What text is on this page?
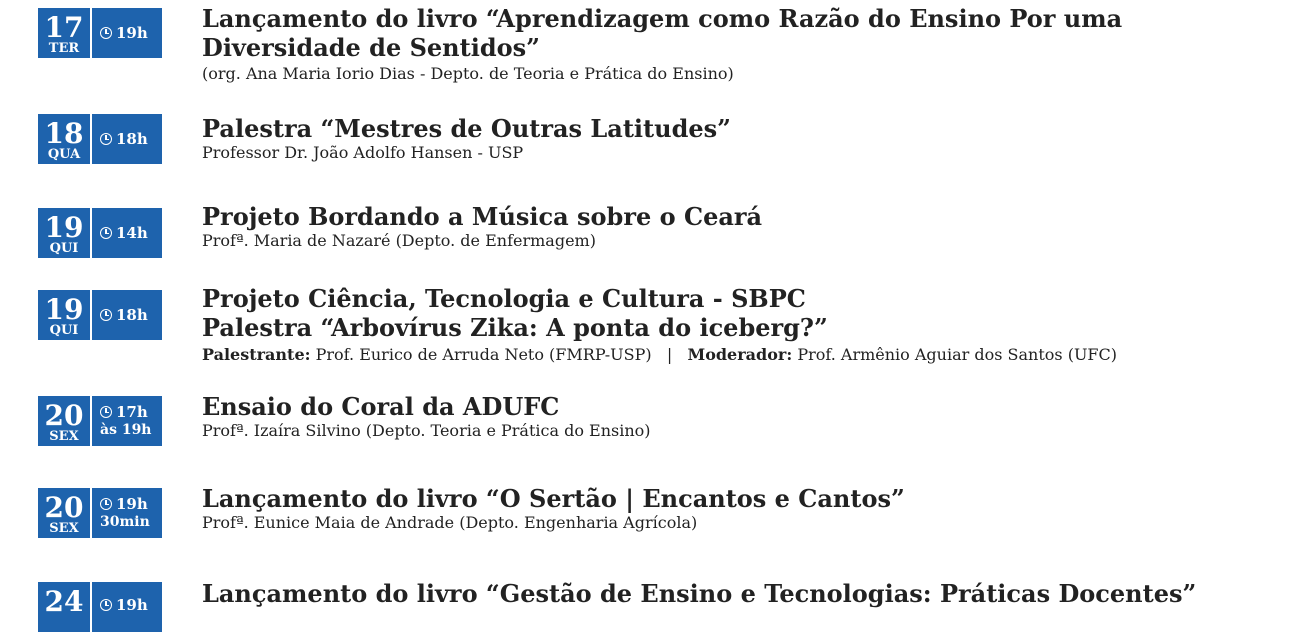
17
TER
19h Lançamento do livro “Aprendizagem como Razão do Ensino Por uma
Diversidade de Sentidos”
(org. Ana Maria Iorio Dias - Depto. de Teoria e Prática do Ensino)
18
QUA
18h Palestra “Mestres de Outras Latitudes”
Professor Dr. João Adolfo Hansen - USP
19
QUI
14h
Projeto Bordando a Música sobre o Ceará
Profª. Maria de Nazaré (Depto. de Enfermagem)
19
QUI
18h
Projeto Ciência, Tecnologia e Cultura - SBPC
Palestra “Arbovírus Zika: A ponta do iceberg?”
Palestrante: Prof. Eurico de Arruda Neto (FMRP-USP)   |   Moderador: Prof. Armênio Aguiar dos Santos (UFC)
20
SEX
17h
às 19h
Ensaio do Coral da ADUFC
Profª. Izaíra Silvino (Depto. Teoria e Prática do Ensino)
20
SEX
19h
30min
Lançamento do livro “O Sertão | Encantos e Cantos”
Profª. Eunice Maia de Andrade (Depto. Engenharia Agrícola)
24	19h Lançamento do livro “Gestão de Ensino e Tecnologias: Práticas Docentes”
